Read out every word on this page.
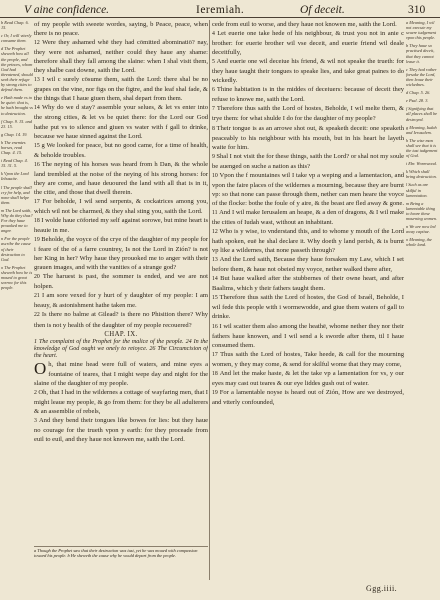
V aine confidence.	Ieremiah.	Of deceit.	310
b Read Chap. 6. 15.
c Or, I will vtterly consume them.
d The Prophet sheweth how all the people, and the princes, whom God had threatened, should seek their refuge by strong cities to defend them.
e Hath made vs to be quiet: that is, he hath brought vs to destruction.
f Chap. 9. 15. and 23. 15.
g Chap. 14. 19.
h The enemies horses, read Chap. 4. 15.
i Read Chap. 4. 15. 31. 5.
k Vpon the Lord Iebusaite.
l The people shall cry for help, and none shall helpe them.
m The Lord saith, Why do they thus? For they haue prouoked me to anger.
n For the people ascribe the cause of their destruction to God.
o The Prophet sheweth how he is moued to great sorrow for this people.

of my people with sweete wordes, saying, b Peace, peace, when there is no peace.

12 Were they ashamed whē they had cōmitted abominatiō? nay, they were not ashamed, neither could they haue any shame: therefore shall they fall among the slaine: when I shal visit them, they shalbe cast downe, saith the Lord.

13 I wil c surely cōsume them, saith the Lord: there shal be no grapes on the vine, nor figs on the figtre, and the leaf shal fade, & the things that I haue giuen them, shal depart from them.

14 Why do we d stay? assemble your selues, & let vs enter into the strong cities, & let vs be quiet there: for the Lord our God hathe put vs to silence and giuen vs water with f gall to drinke, because we haue sinned against the Lord.

15 g We looked for peace, but no good came, for a time of health, & beholde troubles.

16 The neying of his horses was heard from h Dan, & the whole land trembled at the noise of the neying of his strong horses: for they are come, and haue deuoured the land with all that is in it, the citie, and those that dwell therein.

17 For beholde, I wil send serpents, & cockatrices among you, which wil not be charmed, & they shal sting you, saith the Lord.

18 I wolde haue cōforted my self against sorowe, but mine heart is heauie in me.

19 Beholde, the voyce of the crye of the daughter of my people for i feare of the of a farre countrey, Is not the Lord in Zión? is not her King in her? Why haue they prouoked me to anger with their grauen images, and with the vanities of a strange god?

20 The haruest is past, the sommer is ended, and we are not holpen.

21 I am sore vexed for y hurt of y daughter of my people: I am heauy, & astonishment hathe taken me.

22 Is there no balme at Gilead? is there no Phisition there? Why then is not y health of the daughter of my people recouered?

CHAP. IX.

1 The complaint of the Prophet for the malice of the people. 24 In the knowledge of God ought we onely to reioyce. 26 The Circumcision of the heart.

Oh, that mine head were full of waters, and mine eyes a fountaine of teares, that I might wepe day and night for the slaine of the daughter of my people.

2 Oh, that I had in the wildernes a cottage of wayfaring men, that I might leaue my people, & go from them: for they be all adulterers & an assemblie of rebels,

3 And they bend their tongues like bowes for lies: but they haue no courage for the trueth vpon y earth: for they proceade from euil to euil, and they haue not knowen me, saith the Lord.

a Though the Prophet saw that their destruction was iust, yet he was moued with compassion toward his people. b He sheweth the cause why he would depart from the people.

cede from euil to worse, and they haue not knowen me, saith the Lord.

4 Let euerie one take hede of his neighbour, & trust you not in anie c brother: for euerie brother wil vse deceit, and euerie friend wil deale deceitfully,

5 And euerie one wil deceiue his friend, & wil not speake the trueth: for they haue taught their tongues to speake lies, and take great paines to do wickedly.

6 Thine habitation is in the middes of deceiuers: because of deceit they refuse to knowe me, saith the Lord.

7 Therefore thus saith the Lord of hostes, Beholde, I wil melte them, & trye them: for what shulde I do for the daughter of my people?

8 Their tongue is as an arrowe shot out, & speaketh deceit: one speaketh peaceably to his neighbour with his mouth, but in his heart he layeth waite for him.

9 Shal I not visit the for these things, saith the Lord? or shal not my soule be auenged on suche a nation as this?

10 Vpon the f mountaines wil I take vp a weping and a lamentacion, and vpon the faire places of the wildernes a mourning, because they are burnt vp: so that none can passe through them, nether can men heare the voyce of the flocke: bothe the foule of y aire, & the beast are fled away & gone.

11 And I wil make Ierusalem an heape, & a den of dragons, & I wil make the cities of Iudah wast, without an inhabitant.

12 Who is y wise, to vnderstand this, and to whome y mouth of the Lord hath spoken, euē he shal declare it. Why doeth y land perish, & is burnt vp like a wildernes, that none passeth through?

13 And the Lord saith, Because they haue forsaken my Law, which I set before them, & haue not obeied my voyce, nether walked there after,

14 But haue walked after the stubbernes of their owne heart, and after Baalims, which y their fathers taught them.

15 Therefore thus saith the Lord of hostes, the God of Israél, Beholde, I wil fede this people with i wormewodde, and giue them waters of gall to drinke.

16 I wil scatter them also among the heathē, whome nether they nor their fathers haue knowen, and I wil send a k sworde after them, til I haue consumed them.

17 Thus saith the Lord of hostes, Take heede, & call for the mourning women, y they may come, & send for skilful wome that they may come,

18 And let the make haste, & let the take vp a lamentation for vs, y our eyes may cast out teares & our eye liddes gush out of water.

19 For a lamentable noyse is heard out of Zión, How are we destroyed, and vtterly confounded,

a Meaning, I wil not execute my seuere iudgement vpon this people.
b They haue so practised deceit, that they cannot leaue it.
c They had rather forsake the Lord, then leaue their wickednes.
d Chap. 5. 26.
e Psal. 28. 3.
f Signifying that all places shall be destroyed.
g Meaning, Iudah and Ierusalem.
h The wise man shall see that it is the iust iudgement of God.
i Ebr. Wormwood.
k Which shall bring destruction.
l Such as are skilful in lamentation.
m Being a lamentable thing to heare these mourning women.
n We are now led away captiue.
o Meaning, the whole land.
Ggg.iiii.
